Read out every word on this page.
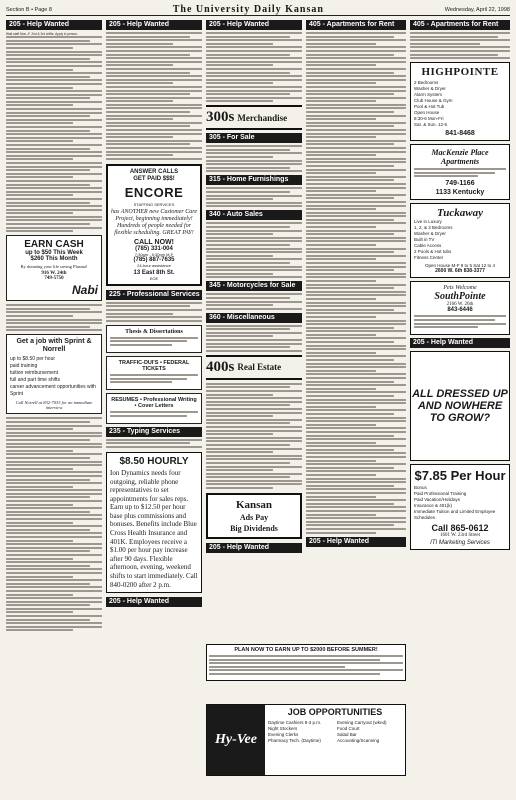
Section B • Page 8	The University Daily Kansan	Wednesday, April 22, 1998
205 - Help Wanted
Wait staff Mon–F. 2nd & 3rd shifts. Apply in person.
EARN CASH
up to $50 This Week
$260 This Month
By donating your life saving Plasma!
916 W. 24th
749-5750
Nabi
Get a job with Sprint & Norrell
up to $8.50 per hour
paid training
tuition reimbursement
full and part time shifts
career advancement opportunities with Sprint
Call Norrell at 832-7033 for an immediate interview
205 - Help Wanted
ANSWER CALLS
GET PAID $$$!
ENCORE
STAFFING SERVICES
has ANOTHER new Customer Care Project, beginning immediately! Hundreds of people needed for flexible scheduling. GREAT PAY!
CALL NOW!
(785) 331-004
7:30am - 5:30pm M-F
(785) 887-7635
24-hour assistance
13 East 8th St.
EOE
225 - Professional Services
Thesis & Dissertations
TRAFFIC-DUI'S • FEDERAL TICKETS
RESUMES • Professional Writing • Cover Letters
235 - Typing Services
$8.50 HOURLY
Ion Dynamics needs four outgoing, reliable phone representatives to set appointments for sales reps. Earn up to $12.50 per hour base plus commissions and bonuses. Benefits include Blue Cross Health Insurance and 401K. Employees receive a $1.00 per hour pay increase after 90 days. Flexible afternoon, evening, weekend shifts to start immediately. Call 840-0200 after 2 p.m.
205 - Help Wanted
205 - Help Wanted
300s Merchandise
305 - For Sale
315 - Home Furnishings
340 - Auto Sales
345 - Motorcycles for Sale
360 - Miscellaneous
400s Real Estate
Kansan
Ads Pay
Big Dividends
205 - Help Wanted
405 - Apartments for Rent
205 - Help Wanted
405 - Apartments for Rent
HIGHPOINTE
2 Bedrooms
Washer & Dryer
Alarm System
Club House & Gym
Pool & Hot Tub
Open House
8:30-6 Mon-Fri
Sat. & Sun. 12-5
841-8468
MacKenzie Place Apartments
749-1166
1133 Kentucky
Tuckaway
Live in Luxury
1, 2, & 3 Bedrooms
Washer & Dryer
Built in TV
Cable Access
2 Pools & Hot tubs
Fitness Center
Open House M-F 9 to 5 Sat 12 to 4
2600 W. 6th 838-3377
Pets Welcome
SouthPointe
2166 W. 26th
843-6446
205 - Help Wanted
ALL DRESSED UP AND NOWHERE TO GROW?
$7.85 Per Hour
Bonus
Paid Professional Training
Paid Vacation/Holidays
Insurance & 401(k)
Immediate Tuition and Limited Employee Schedules
Call 865-0612
1601 W. 23rd Street
ITI Marketing Services
PLAN NOW TO EARN UP TO $2000 BEFORE SUMMER!
Hy-Vee
JOB OPPORTUNITIES
Daytime Cashiers 8-3 p.m.
Night Stockers
Evening Clerks
Pharmacy Tech. (Daytime)
Evening Carryout (wknd)
Food Court
Salad Bar
Accounting/Scanning
